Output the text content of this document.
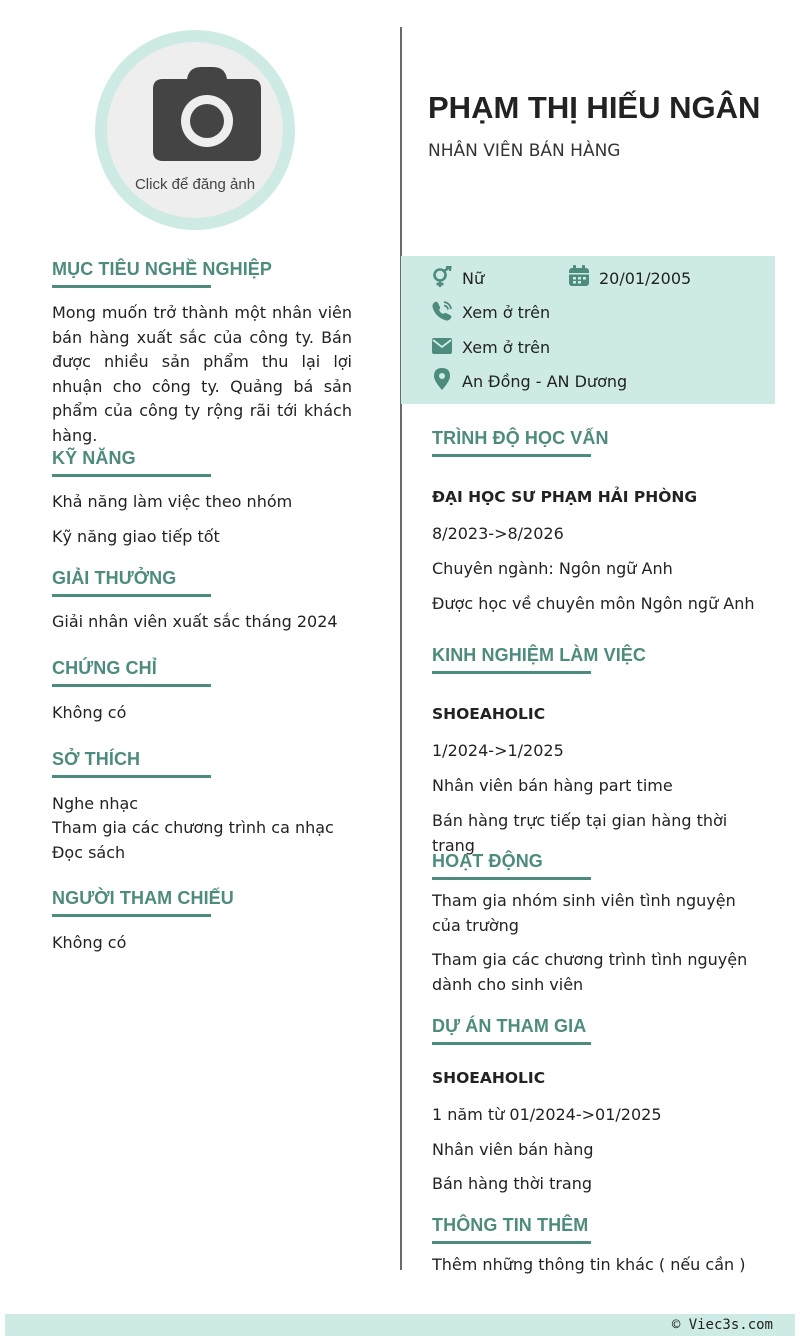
Click để đăng ảnh
PHẠM THỊ HIẾU NGÂN
NHÂN VIÊN BÁN HÀNG
Nữ	20/01/2005
Xem ở trên
Xem ở trên
An Đồng - AN Dương
MỤC TIÊU NGHỀ NGHIỆP
Mong muốn trở thành một nhân viên bán hàng xuất sắc của công ty. Bán được nhiều sản phẩm thu lại lợi nhuận cho công ty. Quảng bá sản phẩm của công ty rộng rãi tới khách hàng.
KỸ NĂNG
Khả năng làm việc theo nhóm
Kỹ năng giao tiếp tốt
GIẢI THƯỞNG
Giải nhân viên xuất sắc tháng 2024
CHỨNG CHỈ
Không có
SỞ THÍCH
Nghe nhạc
Tham gia các chương trình ca nhạc
Đọc sách
NGƯỜI THAM CHIẾU
Không có
TRÌNH ĐỘ HỌC VẤN
ĐẠI HỌC SƯ PHẠM HẢI PHÒNG
8/2023->8/2026
Chuyên ngành: Ngôn ngữ Anh
Được học về chuyên môn Ngôn ngữ Anh
KINH NGHIỆM LÀM VIỆC
SHOEAHOLIC
1/2024->1/2025
Nhân viên bán hàng part time
Bán hàng trực tiếp tại gian hàng thời trang
HOẠT ĐỘNG
Tham gia nhóm sinh viên tình nguyện của trường
Tham gia các chương trình tình nguyện dành cho sinh viên
DỰ ÁN THAM GIA
SHOEAHOLIC
1 năm từ 01/2024->01/2025
Nhân viên bán hàng
Bán hàng thời trang
THÔNG TIN THÊM
Thêm những thông tin khác ( nếu cần )
© Viec3s.com
